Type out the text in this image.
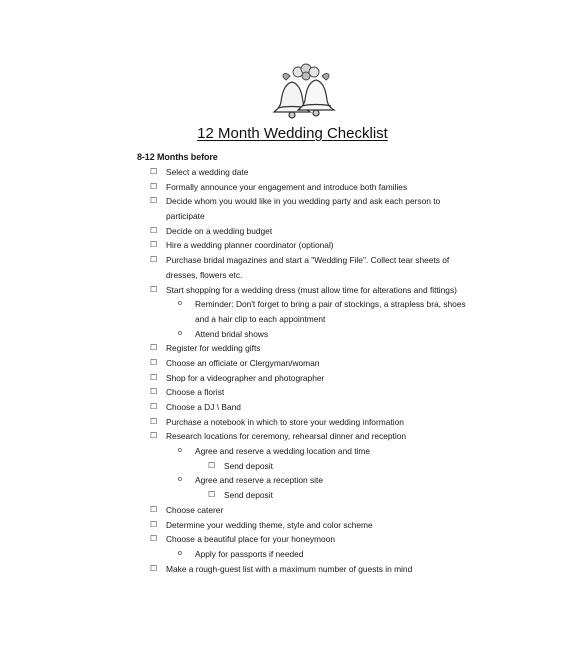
12 Month Wedding Checklist
8-12 Months before
☐ Select a wedding date
☐ Formally announce your engagement and introduce both families
☐ Decide whom you would like in you wedding party and ask each person to
participate
☐ Decide on a wedding budget
☐ Hire a wedding planner coordinator (optional)
☐ Purchase bridal magazines and start a "Wedding File". Collect tear sheets of
dresses, flowers etc.
☐ Start shopping for a wedding dress (must allow time for alterations and fittings)
o Reminder: Don't forget to bring a pair of stockings, a strapless bra, shoes
and a hair clip to each appointment
o Attend bridal shows
☐ Register for wedding gifts
☐ Choose an officiate or Clergyman/woman
☐ Shop for a videographer and photographer
☐ Choose a florist
☐ Choose a DJ \ Band
☐ Purchase a notebook in which to store your wedding information
☐ Research locations for ceremony, rehearsal dinner and reception
o Agree and reserve a wedding location and time
☐ Send deposit
o Agree and reserve a reception site
☐ Send deposit
☐ Choose caterer
☐ Determine your wedding theme, style and color scheme
☐ Choose a beautiful place for your honeymoon
o Apply for passports if needed
☐ Make a rough-guest list with a maximum number of guests in mind
